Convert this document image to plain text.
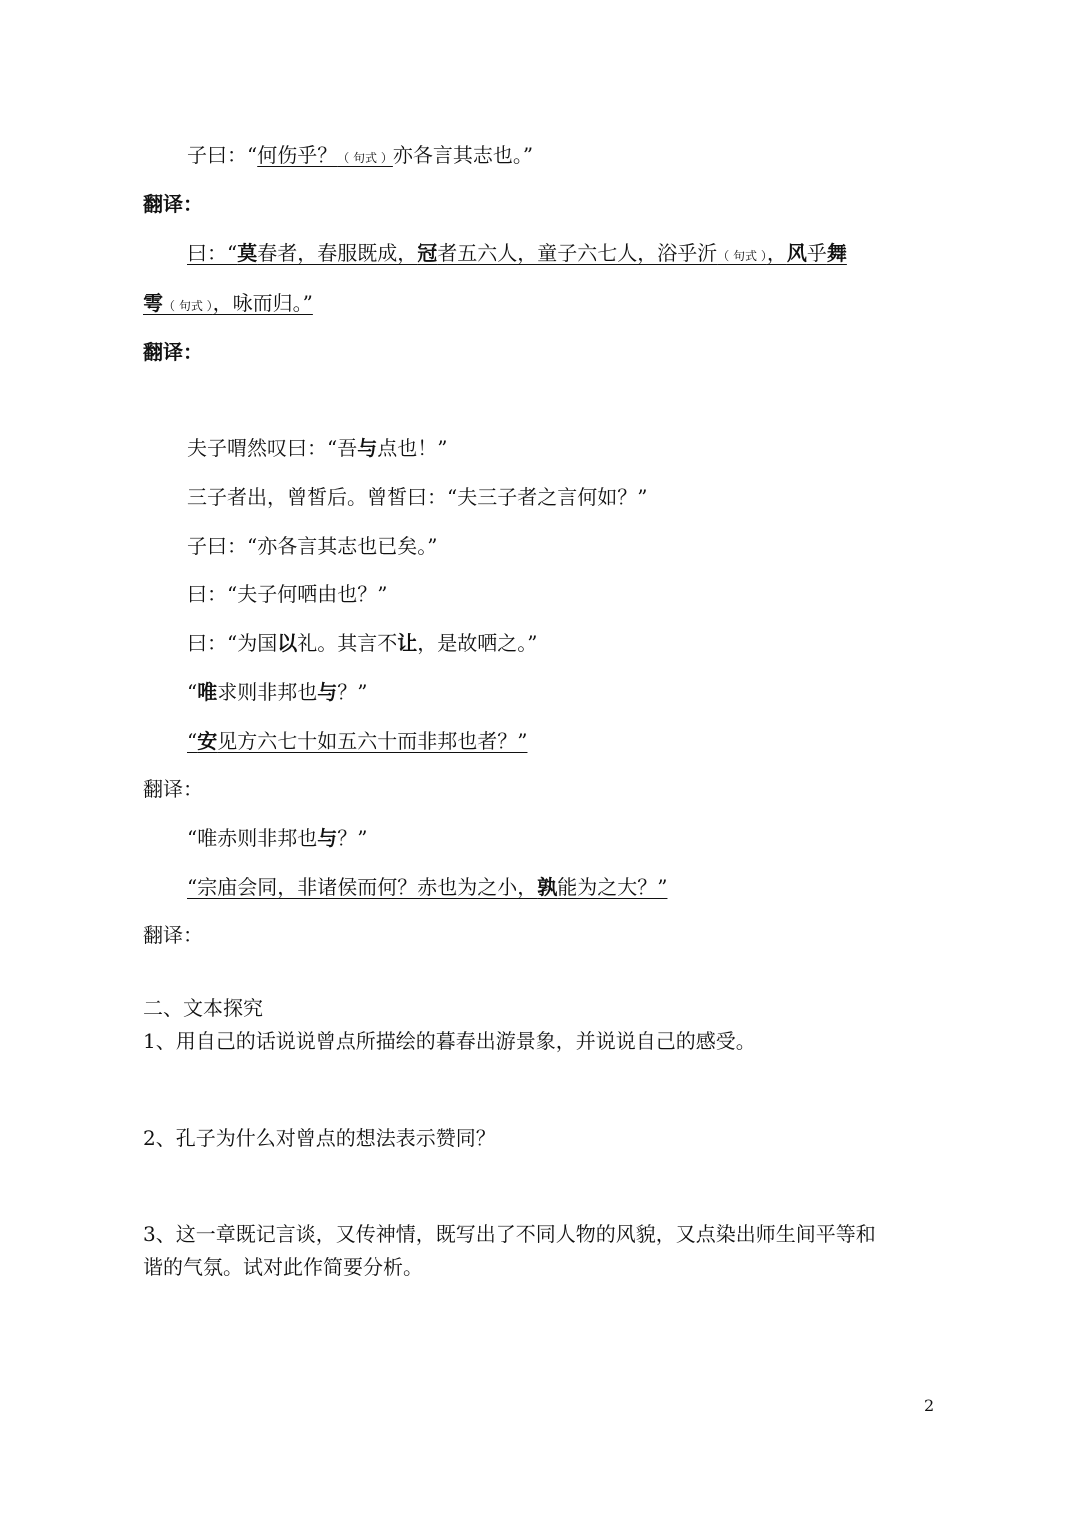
子曰：“何伤乎？（ 句式 ）亦各言其志也。”
翻译：
曰：“莫春者，春服既成，冠者五六人，童子六七人，浴乎沂（ 句式 ），风乎舞
雩（ 句式 ），咏而归。”
翻译：
夫子喟然叹曰：“吾与点也！”
三子者出，曾皙后。曾皙曰：“夫三子者之言何如？”
子曰：“亦各言其志也已矣。”
曰：“夫子何哂由也？”
曰：“为国以礼。其言不让，是故哂之。”
“唯求则非邦也与？”
“安见方六七十如五六十而非邦也者？”
翻译：
“唯赤则非邦也与？”
“宗庙会同，非诸侯而何？赤也为之小，孰能为之大？”
翻译：
二、文本探究
1、用自己的话说说曾点所描绘的暮春出游景象，并说说自己的感受。
2、孔子为什么对曾点的想法表示赞同？
3、这一章既记言谈，又传神情，既写出了不同人物的风貌，又点染出师生间平等和
谐的气氛。试对此作简要分析。
2
